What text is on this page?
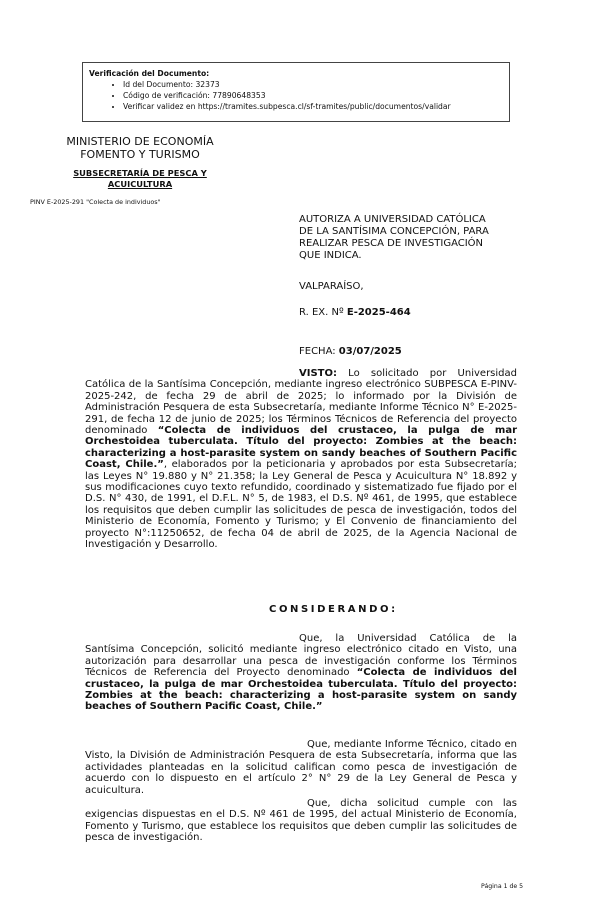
Verificación del Documento:
• Id del Documento: 32373
• Código de verificación: 77890648353
• Verificar validez en https://tramites.subpesca.cl/sf-tramites/public/documentos/validar
MINISTERIO DE ECONOMÍA
FOMENTO Y TURISMO
SUBSECRETARÍA DE PESCA Y
ACUICULTURA
PINV E-2025-291 "Colecta de individuos"
AUTORIZA A UNIVERSIDAD CATÓLICA
DE LA SANTÍSIMA CONCEPCIÓN, PARA
REALIZAR PESCA DE INVESTIGACIÓN
QUE INDICA.
VALPARAÍSO,
R. EX. Nº E-2025-464
FECHA: 03/07/2025

VISTO: Lo solicitado por Universidad Católica de la Santísima Concepción, mediante ingreso electrónico SUBPESCA E-PINV-2025-242, de fecha 29 de abril de 2025; lo informado por la División de Administración Pesquera de esta Subsecretaría, mediante Informe Técnico N° E-2025-291, de fecha 12 de junio de 2025; los Términos Técnicos de Referencia del proyecto denominado “Colecta de individuos del crustaceo, la pulga de mar Orchestoidea tuberculata. Título del proyecto: Zombies at the beach: characterizing a host-parasite system on sandy beaches of Southern Pacific Coast, Chile.”, elaborados por la peticionaria y aprobados por esta Subsecretaría; las Leyes N° 19.880 y N° 21.358; la Ley General de Pesca y Acuicultura N° 18.892 y sus modificaciones cuyo texto refundido, coordinado y sistematizado fue fijado por el D.S. N° 430, de 1991, el D.F.L. N° 5, de 1983, el D.S. Nº 461, de 1995, que establece los requisitos que deben cumplir las solicitudes de pesca de investigación, todos del Ministerio de Economía, Fomento y Turismo; y El Convenio de financiamiento del proyecto N°:11250652, de fecha 04 de abril de 2025, de la Agencia Nacional de Investigación y Desarrollo.

CONSIDERANDO:

Que, la Universidad Católica de la Santísima Concepción, solicitó mediante ingreso electrónico citado en Visto, una autorización para desarrollar una pesca de investigación conforme los Términos Técnicos de Referencia del Proyecto denominado “Colecta de individuos del crustaceo, la pulga de mar Orchestoidea tuberculata. Título del proyecto: Zombies at the beach: characterizing a host-parasite system on sandy beaches of Southern Pacific Coast, Chile.”

Que, mediante Informe Técnico, citado en Visto, la División de Administración Pesquera de esta Subsecretaría, informa que las actividades planteadas en la solicitud califican como pesca de investigación de acuerdo con lo dispuesto en el artículo 2° N° 29 de la Ley General de Pesca y acuicultura.

Que, dicha solicitud cumple con las exigencias dispuestas en el D.S. Nº 461 de 1995, del actual Ministerio de Economía, Fomento y Turismo, que establece los requisitos que deben cumplir las solicitudes de pesca de investigación.

Página 1 de 5
